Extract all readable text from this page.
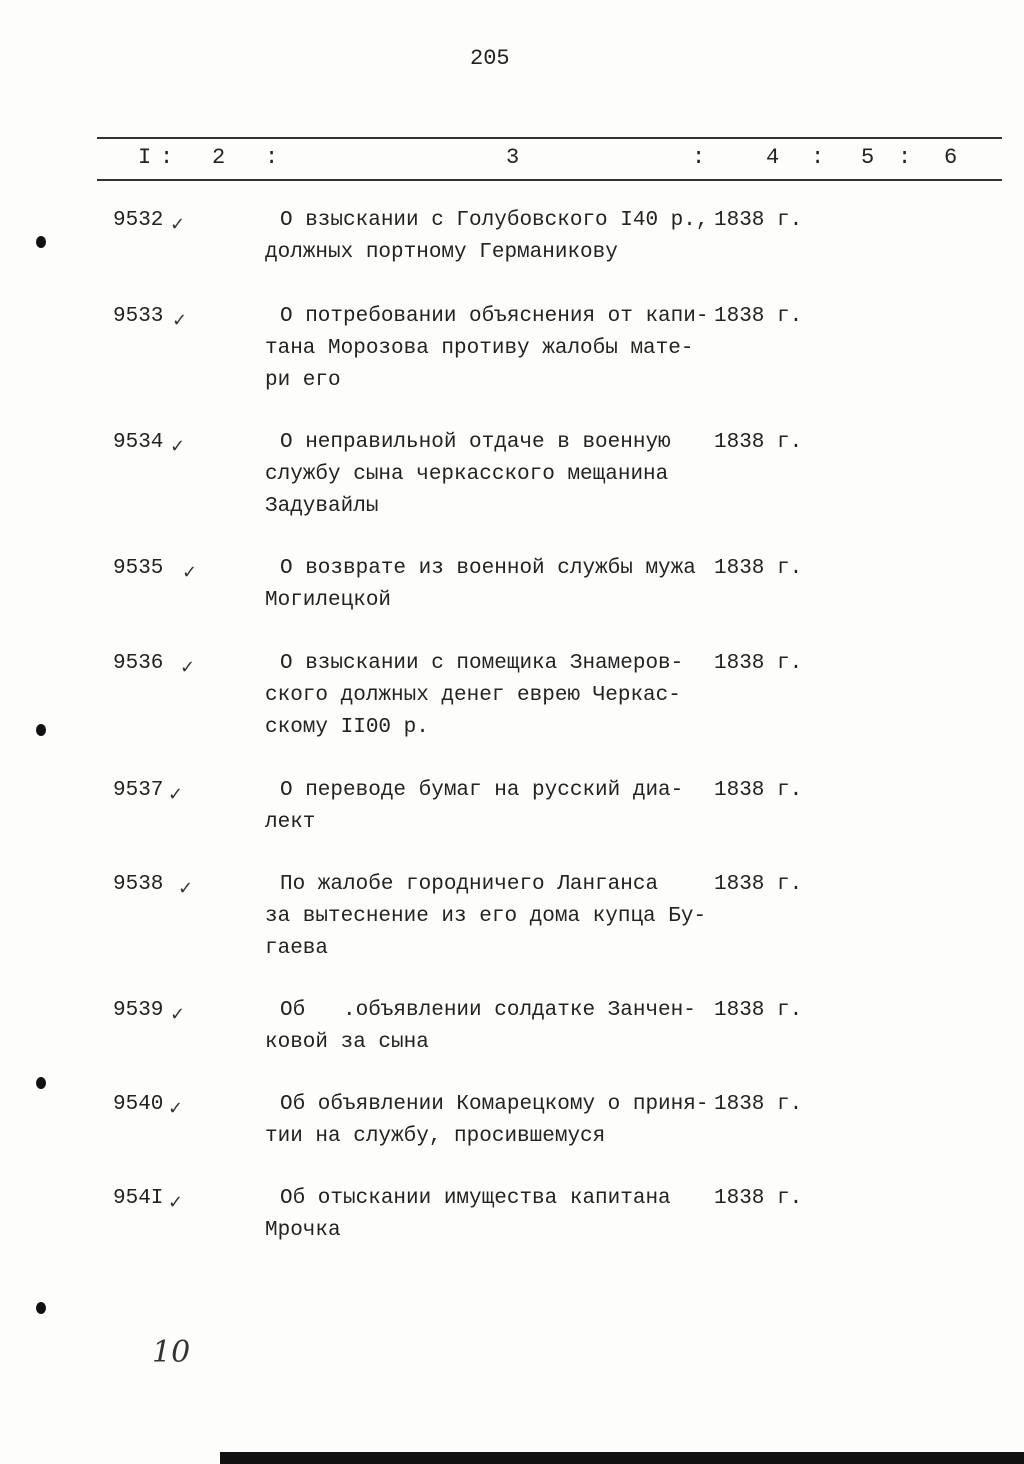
205
I : 2 :	3	:	4 : 5 : 6
9532 ✓	О взыскании с Голубовского I40 р.,
должных портному Германикову
1838 г.
9533 ✓	О потребовании объяснения от капи-
тана Морозова противу жалобы мате-
ри его
1838 г.
9534 ✓	О неправильной отдаче в военную
службу сына черкасского мещанина
Задувайлы
1838 г.
9535 ✓	О возврате из военной службы мужа
Могилецкой
1838 г.
9536 ✓	О взыскании с помещика Знамеров-
ского должных денег еврею Черкас-
скому II00 р.
1838 г.
9537 ✓	О переводе бумаг на русский диа-
лект
1838 г.
9538 ✓	По жалобе городничего Ланганса
за вытеснение из его дома купца Бу-
гаева
1838 г.
9539 ✓	Об   .объявлении солдатке Занчен-
ковой за сына
1838 г.
9540 ✓	Об объявлении Комарецкому о приня-
тии на службу, просившемуся
1838 г.
954I ✓	Об отыскании имущества капитана
Мрочка
1838 г.
10
